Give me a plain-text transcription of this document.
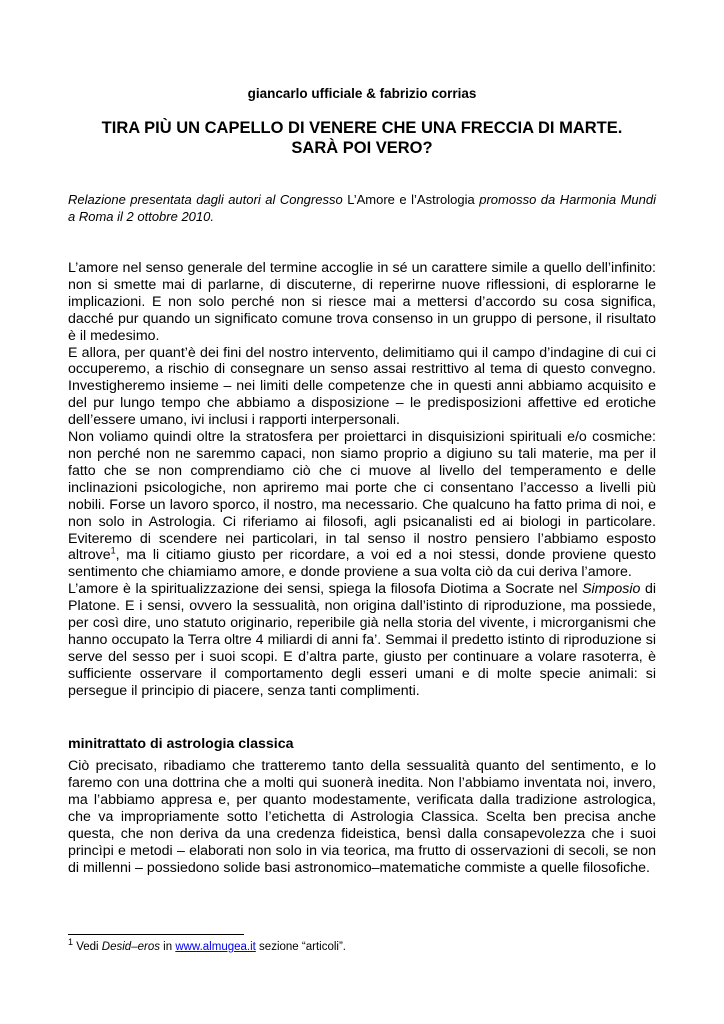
giancarlo ufficiale & fabrizio corrias
TIRA PIÙ UN CAPELLO DI VENERE CHE UNA FRECCIA DI MARTE.
SARÀ POI VERO?
Relazione presentata dagli autori al Congresso L’Amore e l’Astrologia promosso da Harmonia Mundi a Roma il 2 ottobre 2010.

L’amore nel senso generale del termine accoglie in sé un carattere simile a quello dell’infinito: non si smette mai di parlarne, di discuterne, di reperirne nuove riflessioni, di esplorarne le implicazioni. E non solo perché non si riesce mai a mettersi d’accordo su cosa significa, dacché pur quando un significato comune trova consenso in un gruppo di persone, il risultato è il medesimo.

E allora, per quant’è dei fini del nostro intervento, delimitiamo qui il campo d’indagine di cui ci occuperemo, a rischio di consegnare un senso assai restrittivo al tema di questo convegno. Investigheremo insieme – nei limiti delle competenze che in questi anni abbiamo acquisito e del pur lungo tempo che abbiamo a disposizione – le predisposizioni affettive ed erotiche dell’essere umano, ivi inclusi i rapporti interpersonali.

Non voliamo quindi oltre la stratosfera per proiettarci in disquisizioni spirituali e/o cosmiche: non perché non ne saremmo capaci, non siamo proprio a digiuno su tali materie, ma per il fatto che se non comprendiamo ciò che ci muove al livello del temperamento e delle inclinazioni psicologiche, non apriremo mai porte che ci consentano l’accesso a livelli più nobili. Forse un lavoro sporco, il nostro, ma necessario. Che qualcuno ha fatto prima di noi, e non solo in Astrologia. Ci riferiamo ai filosofi, agli psicanalisti ed ai biologi in particolare. Eviteremo di scendere nei particolari, in tal senso il nostro pensiero l’abbiamo esposto altrove$^1$, ma li citiamo giusto per ricordare, a voi ed a noi stessi, donde proviene questo sentimento che chiamiamo amore, e donde proviene a sua volta ciò da cui deriva l’amore.

L’amore è la spiritualizzazione dei sensi, spiega la filosofa Diotima a Socrate nel Simposio di Platone. E i sensi, ovvero la sessualità, non origina dall’istinto di riproduzione, ma possiede, per così dire, uno statuto originario, reperibile già nella storia del vivente, i microrganismi che hanno occupato la Terra oltre 4 miliardi di anni fa’. Semmai il predetto istinto di riproduzione si serve del sesso per i suoi scopi. E d’altra parte, giusto per continuare a volare rasoterra, è sufficiente osservare il comportamento degli esseri umani e di molte specie animali: si persegue il principio di piacere, senza tanti complimenti.

minitrattato di astrologia classica

Ciò precisato, ribadiamo che tratteremo tanto della sessualità quanto del sentimento, e lo faremo con una dottrina che a molti qui suonerà inedita. Non l’abbiamo inventata noi, invero, ma l’abbiamo appresa e, per quanto modestamente, verificata dalla tradizione astrologica, che va impropriamente sotto l’etichetta di Astrologia Classica. Scelta ben precisa anche questa, che non deriva da una credenza fideistica, bensì dalla consapevolezza che i suoi princìpi e metodi – elaborati non solo in via teorica, ma frutto di osservazioni di secoli, se non di millenni – possiedono solide basi astronomico–matematiche commiste a quelle filosofiche.

$^1$ Vedi Desid–eros in www.almugea.it sezione “articoli”.
